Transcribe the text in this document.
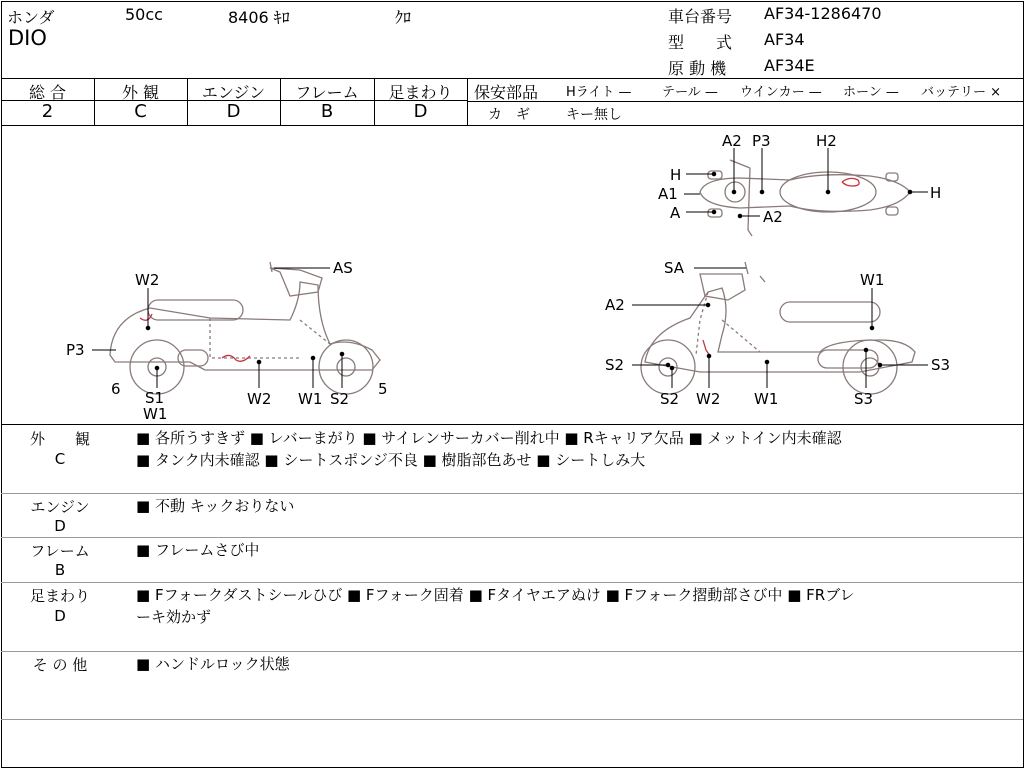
ホンダ	50cc	8406 ｷﾛ	ｸﾛ
DIO
車台番号 AF34-1286470
型　　式 AF34
原 動 機 AF34E
総 合	外 観	エンジン	フレーム	足まわり
2	C	D	B	D
保安部品 Hライト — テール — ウインカー — ホーン — バッテリー ×
カ　ギ	キー無し
W2
AS
P3
6 S1
W1
W2 W1 S2
5
A2 P3	H2
H
A1
A	A2
H
SA
W1
A2
S2	S3
S2 W2 W1	S3
外　　観
C
■ 各所うすきず ■ レバーまがり ■ サイレンサーカバー削れ中 ■ Rキャリア欠品 ■ メットイン内未確認
■ タンク内未確認 ■ シートスポンジ不良 ■ 樹脂部色あせ ■ シートしみ大
エンジン
D
■ 不動 キックおりない
フレーム
B
■ フレームさび中
足まわり
D
■ Fフォークダストシールひび ■ Fフォーク固着 ■ Fタイヤエアぬけ ■ Fフォーク摺動部さび中 ■ FRブレ
ーキ効かず
そ の 他	■ ハンドルロック状態
